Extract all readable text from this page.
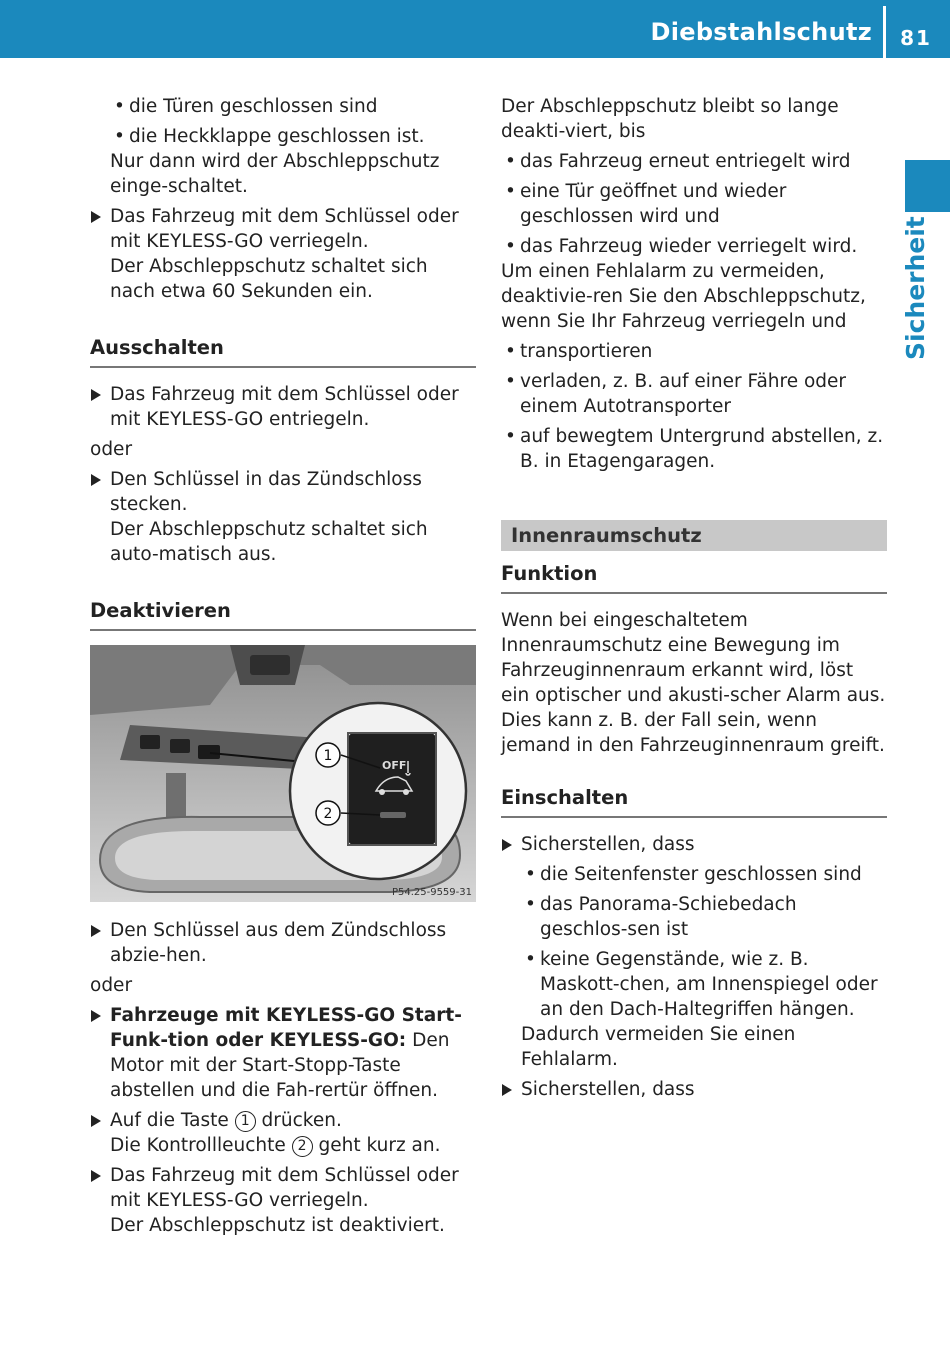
Diebstahlschutz 81
Sicherheit
• die Türen geschlossen sind
• die Heckklappe geschlossen ist.

Nur dann wird der Abschleppschutz einge-schaltet.

Das Fahrzeug mit dem Schlüssel oder mit KEYLESS-GO verriegeln.

Der Abschleppschutz schaltet sich nach etwa 60 Sekunden ein.

Ausschalten

Das Fahrzeug mit dem Schlüssel oder mit KEYLESS-GO entriegeln.

oder

Den Schlüssel in das Zündschloss stecken.

Der Abschleppschutz schaltet sich auto-matisch aus.

Deaktivieren
OFF
1
2
P54.25-9559-31

Den Schlüssel aus dem Zündschloss abzie-hen.

oder

Fahrzeuge mit KEYLESS-GO Start-Funk-tion oder KEYLESS-GO: Den Motor mit der Start-Stopp-Taste abstellen und die Fah-rertür öffnen.

Auf die Taste 1 drücken.

Die Kontrollleuchte 2 geht kurz an.

Das Fahrzeug mit dem Schlüssel oder mit KEYLESS-GO verriegeln.

Der Abschleppschutz ist deaktiviert.

Der Abschleppschutz bleibt so lange deakti-viert, bis

• das Fahrzeug erneut entriegelt wird
• eine Tür geöffnet und wieder geschlossen wird und
• das Fahrzeug wieder verriegelt wird.

Um einen Fehlalarm zu vermeiden, deaktivie-ren Sie den Abschleppschutz, wenn Sie Ihr Fahrzeug verriegeln und

• transportieren
• verladen, z. B. auf einer Fähre oder einem Autotransporter
• auf bewegtem Untergrund abstellen, z. B. in Etagengaragen.
Innenraumschutz
Funktion

Wenn bei eingeschaltetem Innenraumschutz eine Bewegung im Fahrzeuginnenraum erkannt wird, löst ein optischer und akusti-scher Alarm aus. Dies kann z. B. der Fall sein, wenn jemand in den Fahrzeuginnenraum greift.

Einschalten

Sicherstellen, dass

• die Seitenfenster geschlossen sind
• das Panorama-Schiebedach geschlos-sen ist
• keine Gegenstände, wie z. B. Maskott-chen, am Innenspiegel oder an den Dach-Haltegriffen hängen.

Dadurch vermeiden Sie einen Fehlalarm.

Sicherstellen, dass
